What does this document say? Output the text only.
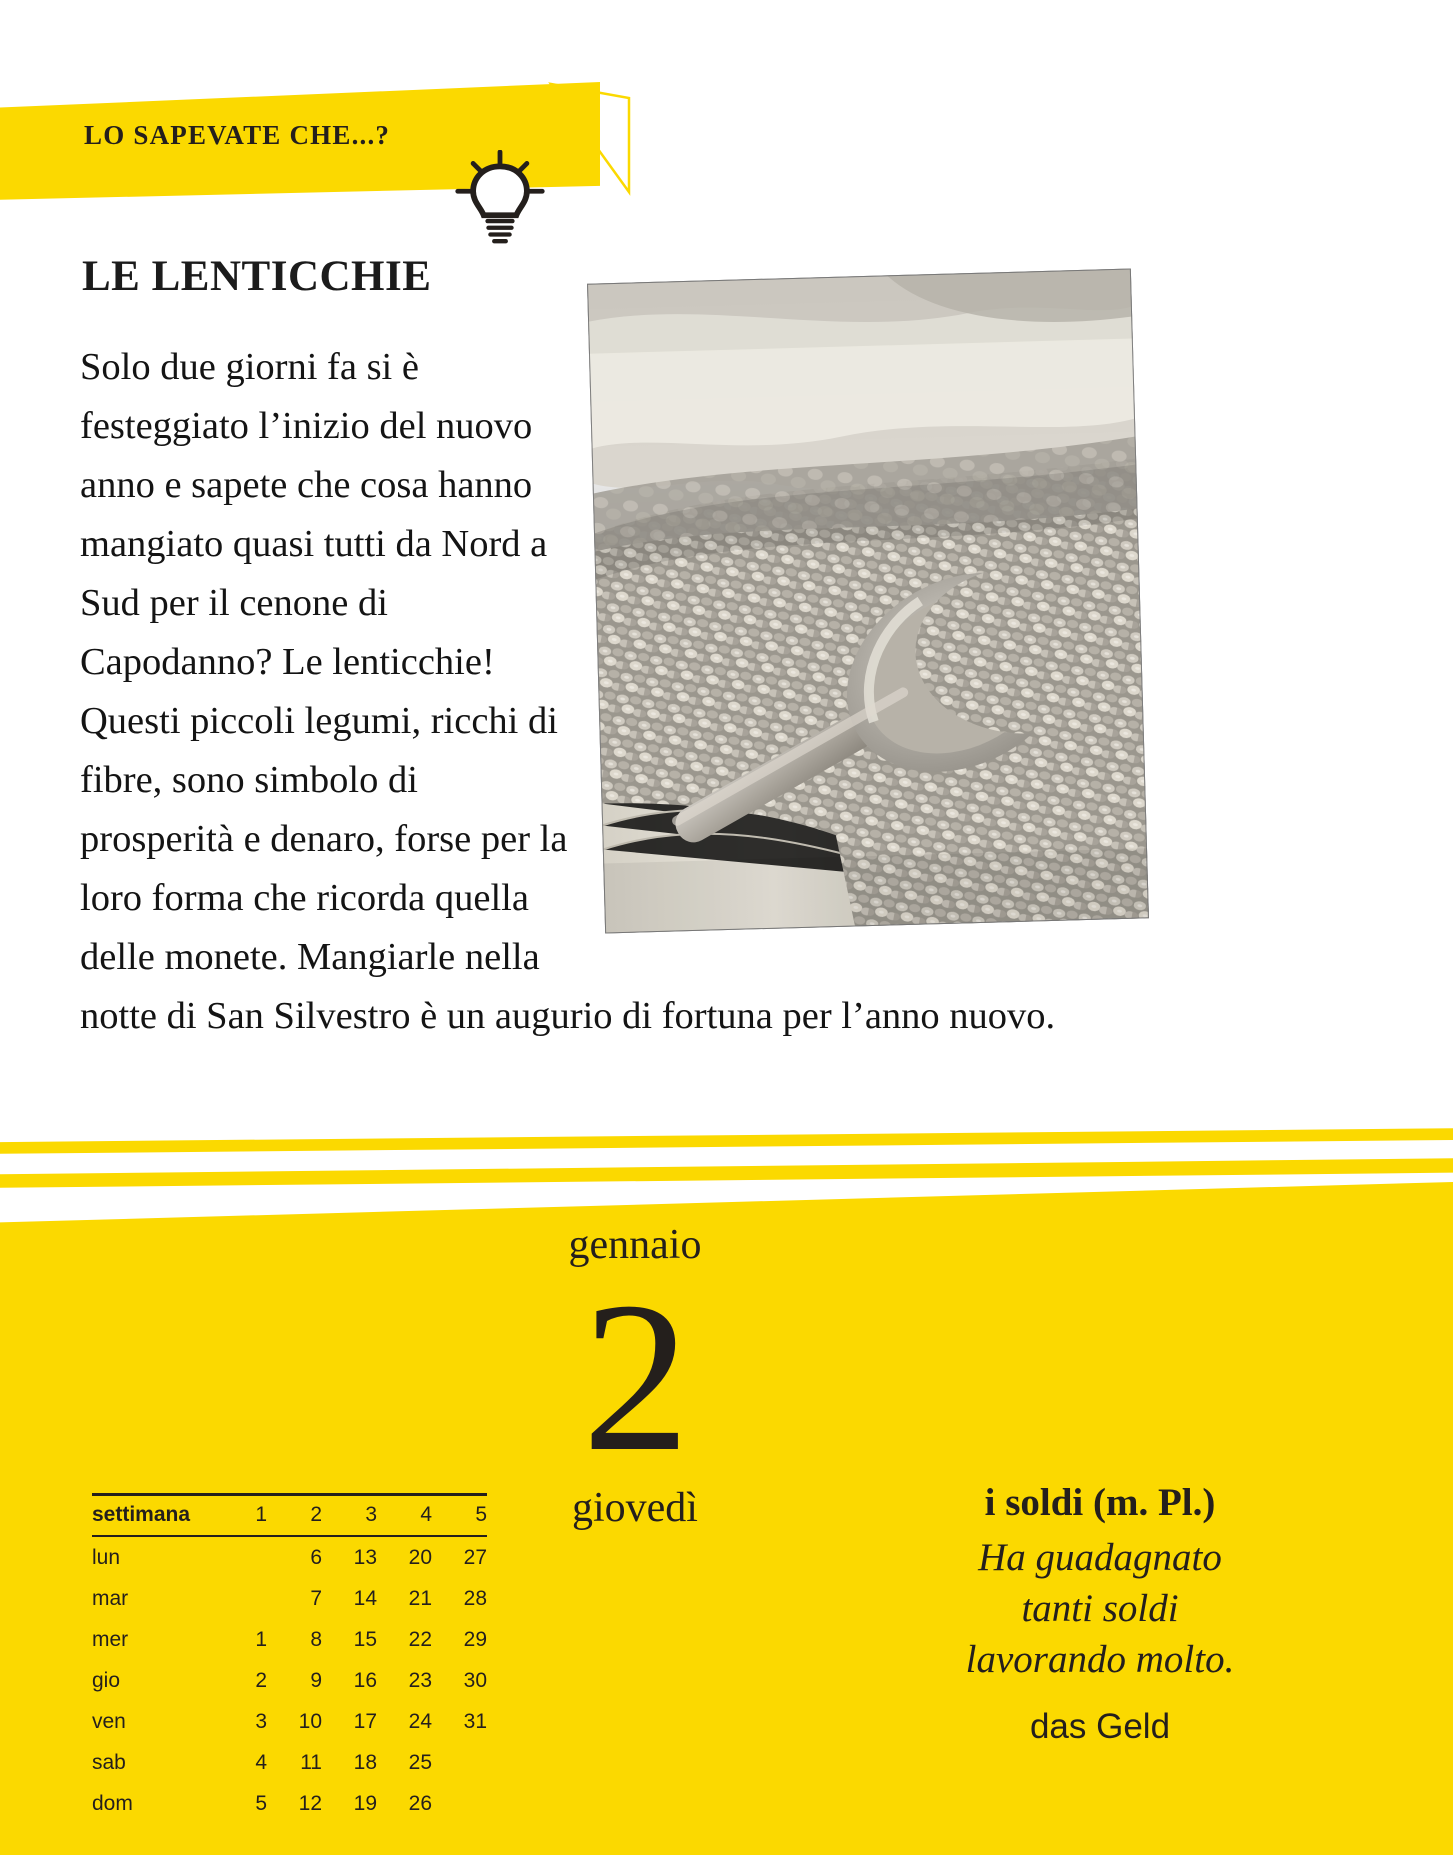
LO SAPEVATE CHE...?
LE LENTICCHIE
Solo due giorni fa si è festeggiato l’inizio del nuovo anno e sapete che cosa hanno mangiato quasi tutti da Nord a Sud per il cenone di Capodanno? Le lenticchie! Questi piccoli legumi, ricchi di fibre, sono simbolo di prosperità e denaro, forse per la loro forma che ricorda quella delle monete. Mangiarle nella notte di San Silvestro è un augurio di fortuna per l’anno nuovo.
settimana	1	2	3	4	5
lun		6	13	20	27
mar		7	14	21	28
mer	1	8	15	22	29
gio	2	9	16	23	30
ven	3	10	17	24	31
sab	4	11	18	25	
dom	5	12	19	26	
gennaio
2
giovedì	i soldi (m. Pl.)
Ha guadagnato
tanti soldi
lavorando molto.
das Geld
